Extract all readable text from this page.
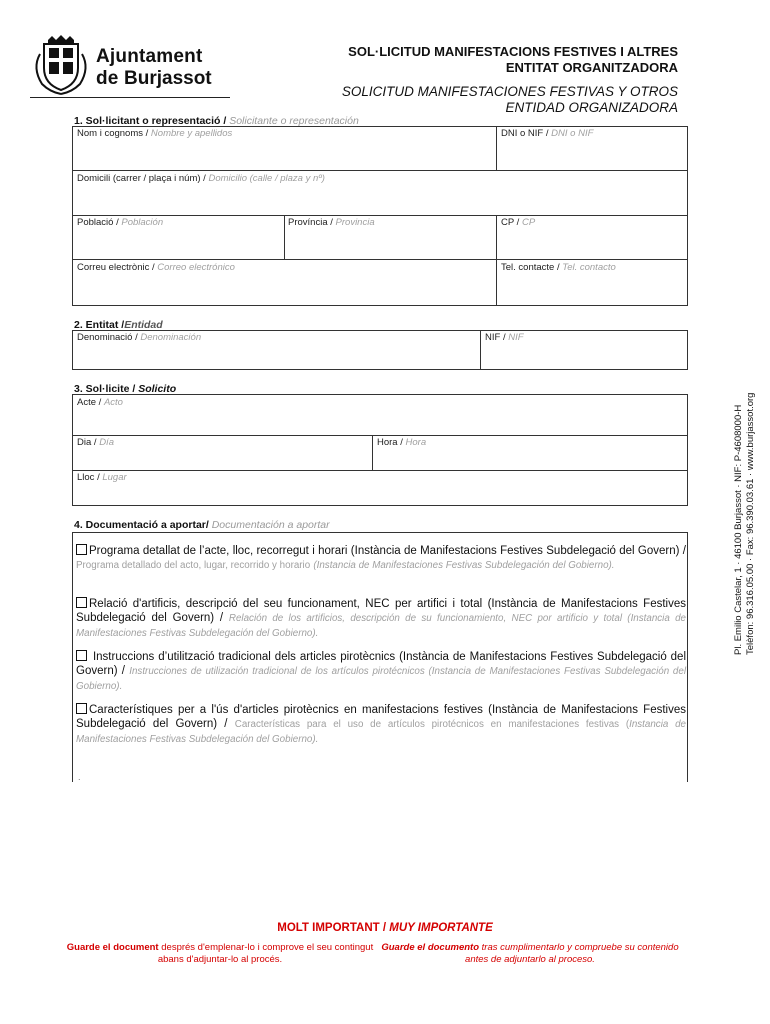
Ajuntament de Burjassot
SOL·LICITUD MANIFESTACIONS FESTIVES I ALTRES
ENTITAT ORGANITZADORA
SOLICITUD MANIFESTACIONES FESTIVAS Y OTROS
ENTIDAD ORGANIZADORA
1. Sol·licitant o representació / Solicitante o representación
Nom i cognoms / Nombre y apellidos	DNI o NIF / DNI o NIF
Domicili (carrer / plaça i núm) / Domicilio (calle / plaza y nº)
Població / Población	Província / Provincia	CP / CP
Correu electrònic / Correo electrónico	Tel. contacte / Tel. contacto
2. Entitat /Entidad
Denominació / Denominación	NIF / NIF
3. Sol·licite / Solicito
Acte / Acto
Dia / Día	Hora / Hora
Lloc / Lugar
4. Documentació a aportar/ Documentación a aportar
Programa detallat de l’acte, lloc, recorregut i horari (Instància de Manifestacions Festives Subdelegació del Govern) / Programa detallado del acto, lugar, recorrido y horario (Instancia de Manifestaciones Festivas Subdelegación del Gobierno).
Relació d'artificis, descripció del seu funcionament, NEC per artifici i total (Instància de Manifestacions Festives Subdelegació del Govern) / Relación de los artificios, descripción de su funcionamiento, NEC por artificio y total (Instancia de Manifestaciones Festivas Subdelegación del Gobierno).
Instruccions d’utilització tradicional dels articles pirotècnics (Instància de Manifestacions Festives Subdelegació del Govern) / Instrucciones de utilización tradicional de los artículos pirotécnicos (Instancia de Manifestaciones Festivas Subdelegación del Gobierno).
Característiques per a l'ús d'articles pirotècnics en manifestacions festives (Instància de Manifestacions Festives Subdelegació del Govern) / Características para el uso de artículos pirotécnicos en manifestaciones festivas (Instancia de Manifestaciones Festivas Subdelegación del Gobierno).
.
Pl. Emilio Castelar, 1 · 46100 Burjassot · NIF: P-4608000-H Telèfon: 96.316.05.00 · Fax: 96.390.03.61 · www.burjassot.org
MOLT IMPORTANT / MUY IMPORTANTE
Guarde el document després d'emplenar-lo i comprove el seu contingut abans d'adjuntar-lo al procés.
Guarde el documento tras cumplimentarlo y compruebe su contenido antes de adjuntarlo al proceso.
